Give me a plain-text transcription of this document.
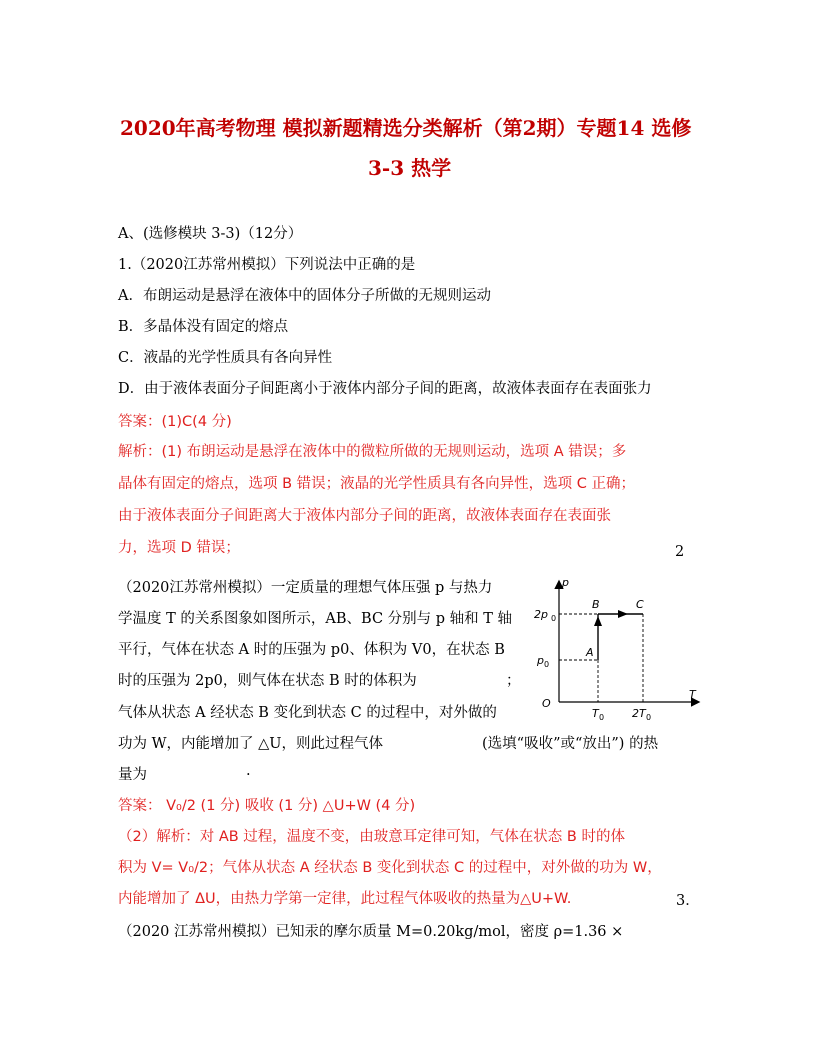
2020年高考物理 模拟新题精选分类解析（第2期）专题14 选修
3-3 热学
A、(选修模块 3-3)（12分）
1.（2020江苏常州模拟）下列说法中正确的是
A．布朗运动是悬浮在液体中的固体分子所做的无规则运动
B．多晶体没有固定的熔点
C．液晶的光学性质具有各向异性
D．由于液体表面分子间距离小于液体内部分子间的距离，故液体表面存在表面张力
答案：(1)C(4 分)
解析：(1) 布朗运动是悬浮在液体中的微粒所做的无规则运动，选项 A 错误；多
晶体有固定的熔点，选项 B 错误；液晶的光学性质具有各向异性，选项 C 正确；
由于液体表面分子间距离大于液体内部分子间的距离，故液体表面存在表面张
力，选项 D 错误；	2
（2020江苏常州模拟）一定质量的理想气体压强 p 与热力
学温度 T 的关系图象如图所示，AB、BC 分别与 p 轴和 T 轴
平行，气体在状态 A 时的压强为 p0、体积为 V0，在状态 B
时的压强为 2p0，则气体在状态 B 时的体积为	；
气体从状态 A 经状态 B 变化到状态 C 的过程中，对外做的
功为 W，内能增加了 △U，则此过程气体	(选填“吸收”或“放出”) 的热
量为	.
p
T
O
2p 0
p 0
T 0	2T 0
A
B	C
答案： V₀/2 (1 分) 吸收 (1 分) △U+W (4 分)
（2）解析：对 AB 过程，温度不变，由玻意耳定律可知，气体在状态 B 时的体
积为 V= V₀/2；气体从状态 A 经状态 B 变化到状态 C 的过程中，对外做的功为 W，
内能增加了 ΔU，由热力学第一定律，此过程气体吸收的热量为△U+W.	3．
（2020 江苏常州模拟）已知汞的摩尔质量 M=0.20kg/mol，密度 ρ=1.36 ×
